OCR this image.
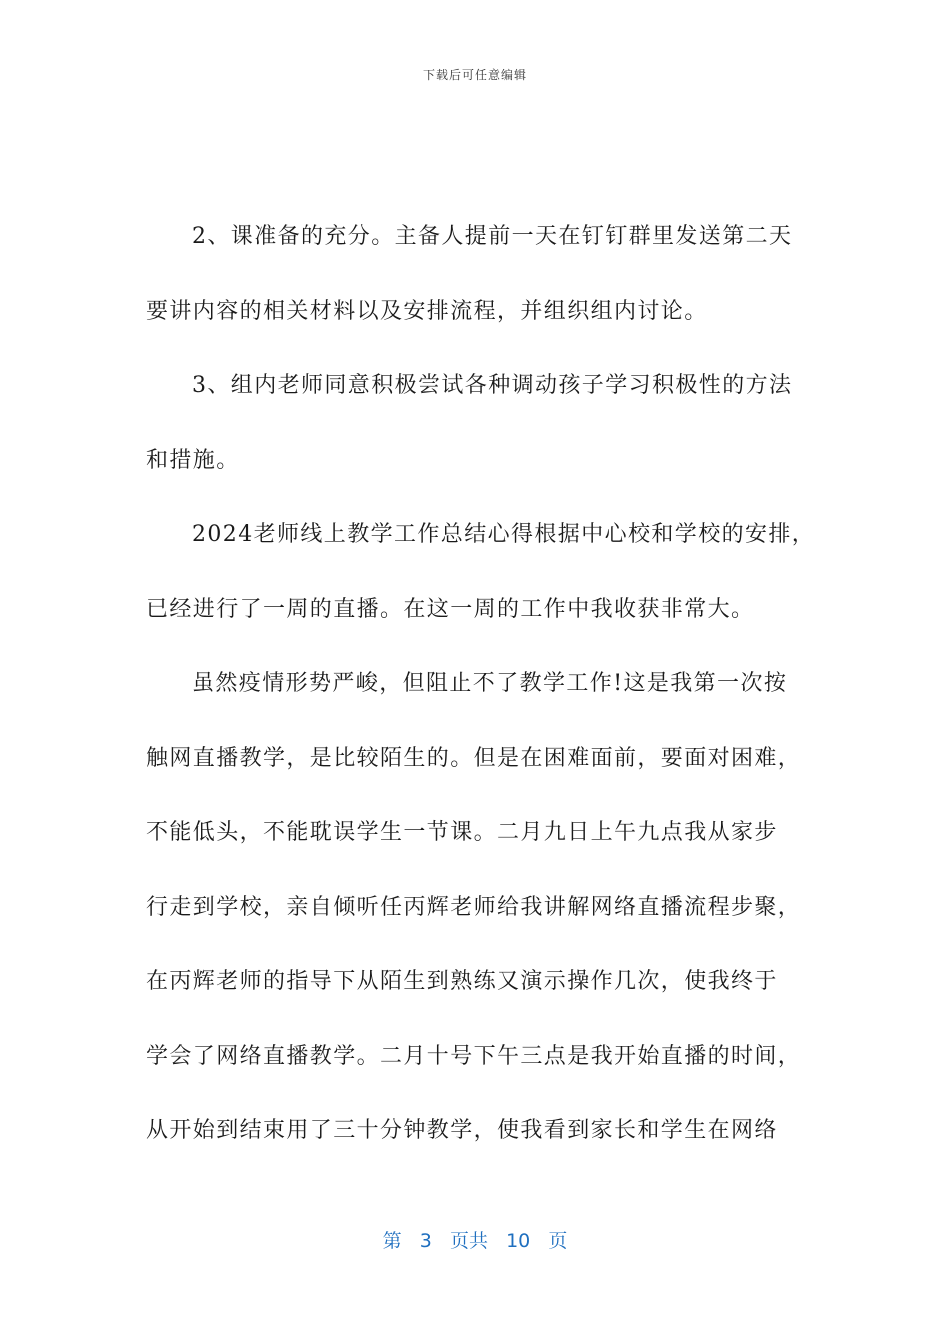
下载后可任意编辑
2、课准备的充分。主备人提前一天在钉钉群里发送第二天
要讲内容的相关材料以及安排流程，并组织组内讨论。
3、组内老师同意积极尝试各种调动孩子学习积极性的方法
和措施。
2024老师线上教学工作总结心得根据中心校和学校的安排，
已经进行了一周的直播。在这一周的工作中我收获非常大。
虽然疫情形势严峻，但阻止不了教学工作!这是我第一次按
触网直播教学，是比较陌生的。但是在困难面前，要面对困难，
不能低头，不能耽误学生一节课。二月九日上午九点我从家步
行走到学校，亲自倾听任丙辉老师给我讲解网络直播流程步聚，
在丙辉老师的指导下从陌生到熟练又演示操作几次，使我终于
学会了网络直播教学。二月十号下午三点是我开始直播的时间，
从开始到结束用了三十分钟教学，使我看到家长和学生在网络
第 3 页共 10 页
